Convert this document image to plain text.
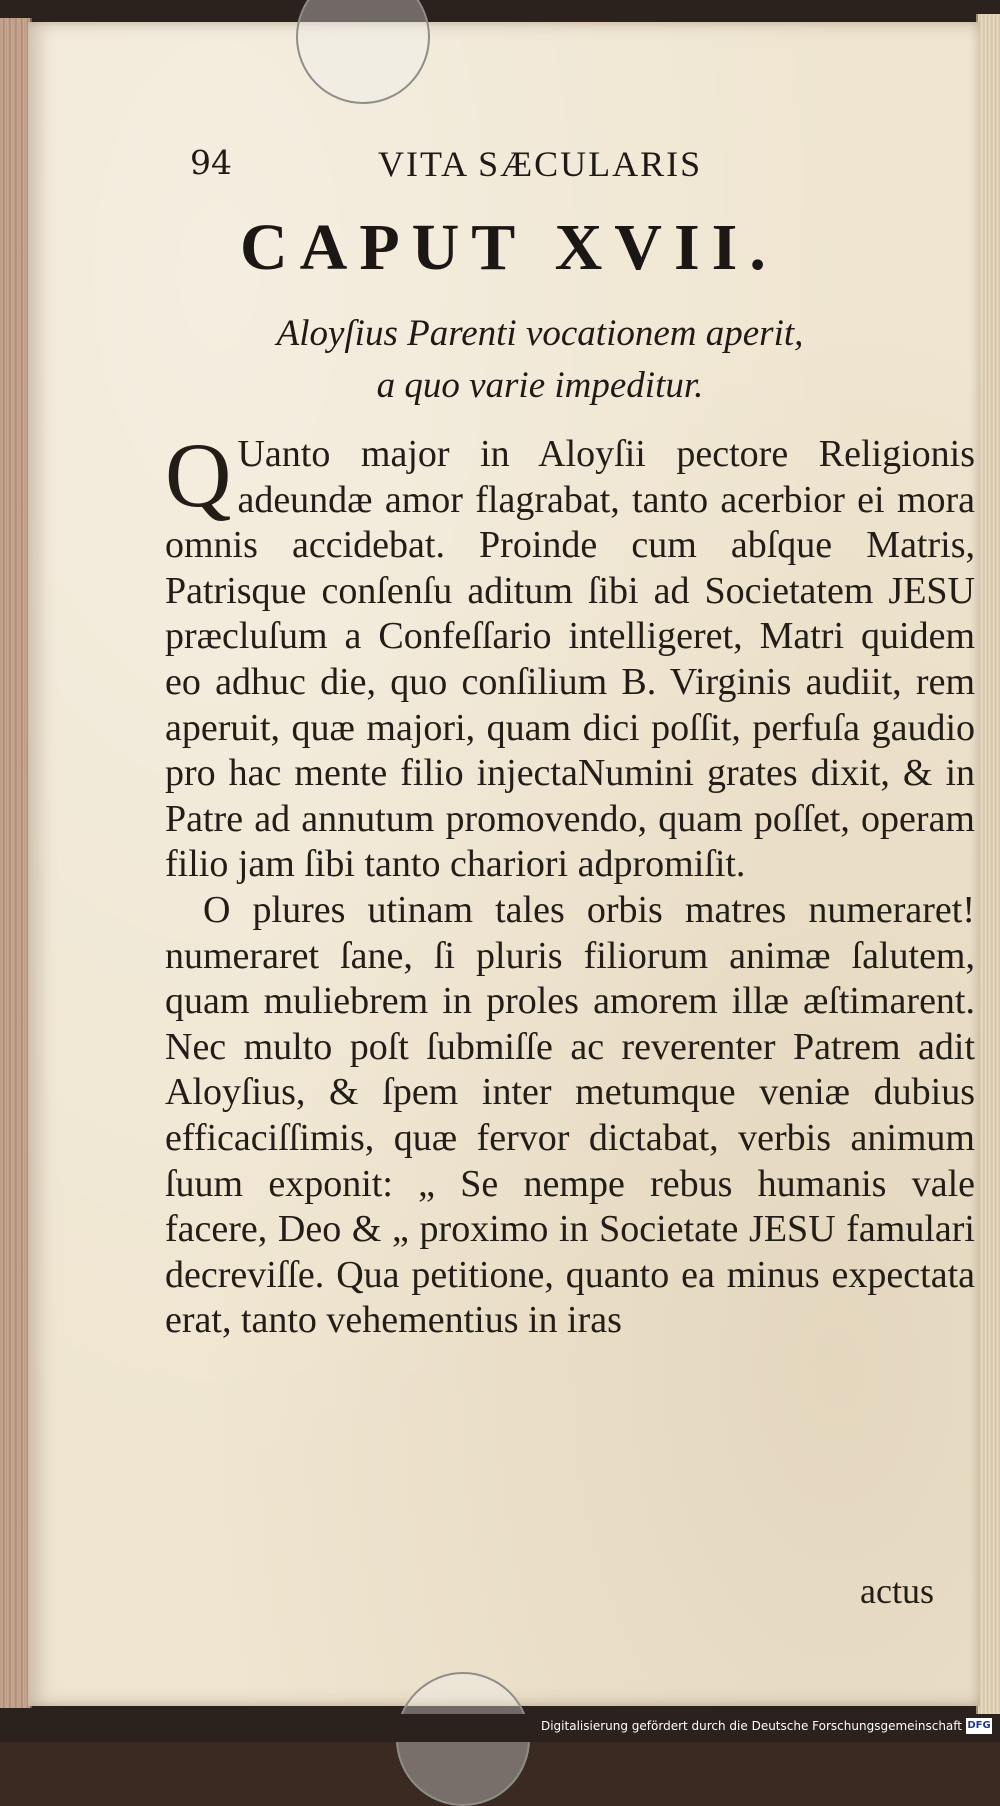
94	VITA SÆCULARIS
CAPUT XVII.
Aloyſius Parenti vocationem aperit,
a quo varie impeditur.

Q Uanto major in Aloyſii pectore Religionis adeundæ amor flagrabat, tanto acerbior ei mora omnis accidebat. Proinde cum abſque Matris, Patrisque conſenſu aditum ſibi ad Societatem JESU præcluſum a Confeſſario intelligeret, Matri quidem eo adhuc die, quo conſilium B. Virginis audiit, rem aperuit, quæ majori, quam dici poſſit, perfuſa gaudio pro hac mente filio injectaNumini grates dixit, & in Patre ad annutum promovendo, quam poſſet, operam filio jam ſibi tanto chariori adpromiſit.

O plures utinam tales orbis matres numeraret! numeraret ſane, ſi pluris filiorum animæ ſalutem, quam muliebrem in proles amorem illæ æſtimarent. Nec multo poſt ſubmiſſe ac reverenter Patrem adit Aloyſius, & ſpem inter metumque veniæ dubius efficaciſſimis, quæ fervor dictabat, verbis animum ſuum exponit: „ Se nempe rebus humanis vale facere, Deo & „ proximo in Societate JESU famulari decreviſſe. Qua petitione, quanto ea minus expectata erat, tanto vehementius in iras

actus
Digitalisierung gefördert durch die Deutsche Forschungsgemeinschaft DFG
